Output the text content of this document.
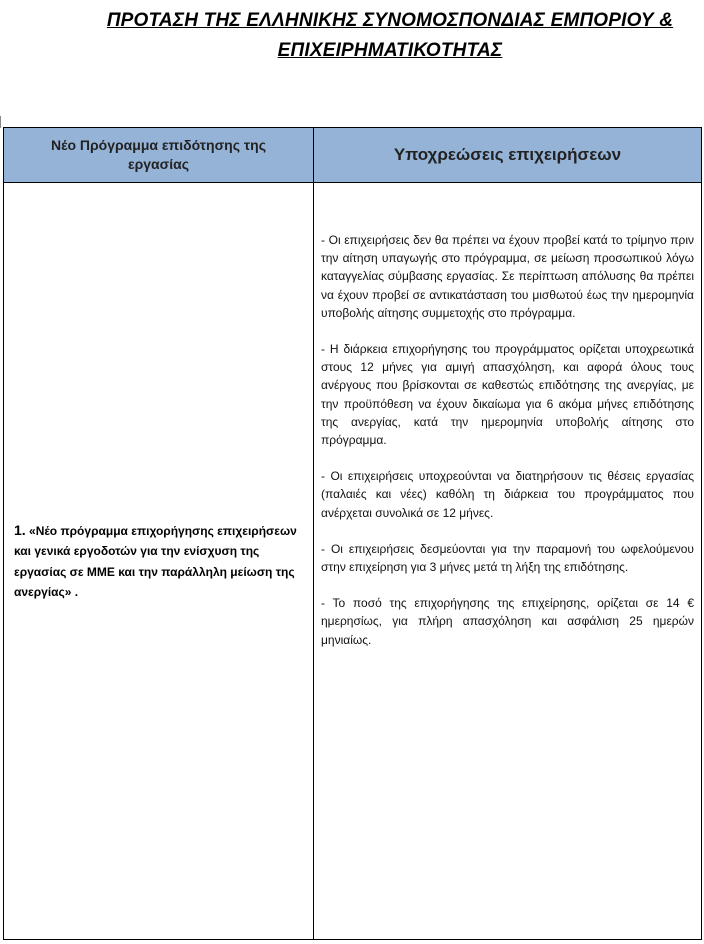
ΠΡΟΤΑΣΗ ΤΗΣ ΕΛΛΗΝΙΚΗΣ ΣΥΝΟΜΟΣΠΟΝΔΙΑΣ ΕΜΠΟΡΙΟΥ &
ΕΠΙΧΕΙΡΗΜΑΤΙΚΟΤΗΤΑΣ
Νέο Πρόγραμμα επιδότησης της εργασίας	Υποχρεώσεις επιχειρήσεων

1. «Νέο πρόγραμμα επιχορήγησης επιχειρήσεων και γενικά εργοδοτών για την ενίσχυση της εργασίας σε ΜΜΕ και την παράλληλη μείωση της ανεργίας» .	- Οι επιχειρήσεις δεν θα πρέπει να έχουν προβεί κατά το τρίμηνο πριν την αίτηση υπαγωγής στο πρόγραμμα, σε μείωση προσωπικού λόγω καταγγελίας σύμβασης εργασίας. Σε περίπτωση απόλυσης θα πρέπει να έχουν προβεί σε αντικατάσταση του μισθωτού έως την ημερομηνία υποβολής αίτησης συμμετοχής στο πρόγραμμα.

- Η διάρκεια επιχορήγησης του προγράμματος ορίζεται υποχρεωτικά στους 12 μήνες για αμιγή απασχόληση, και αφορά όλους τους ανέργους που βρίσκονται σε καθεστώς επιδότησης της ανεργίας, με την προϋπόθεση να έχουν δικαίωμα για 6 ακόμα μήνες επιδότησης της ανεργίας, κατά την ημερομηνία υποβολής αίτησης στο πρόγραμμα.

- Οι επιχειρήσεις υποχρεούνται να διατηρήσουν τις θέσεις εργασίας (παλαιές και νέες) καθόλη τη διάρκεια του προγράμματος που ανέρχεται συνολικά σε 12 μήνες.

- Οι επιχειρήσεις δεσμεύονται για την παραμονή του ωφελούμενου στην επιχείρηση για 3 μήνες μετά τη λήξη της επιδότησης.

- Το ποσό της επιχορήγησης της επιχείρησης, ορίζεται σε 14 € ημερησίως, για πλήρη απασχόληση και ασφάλιση 25 ημερών μηνιαίως.
